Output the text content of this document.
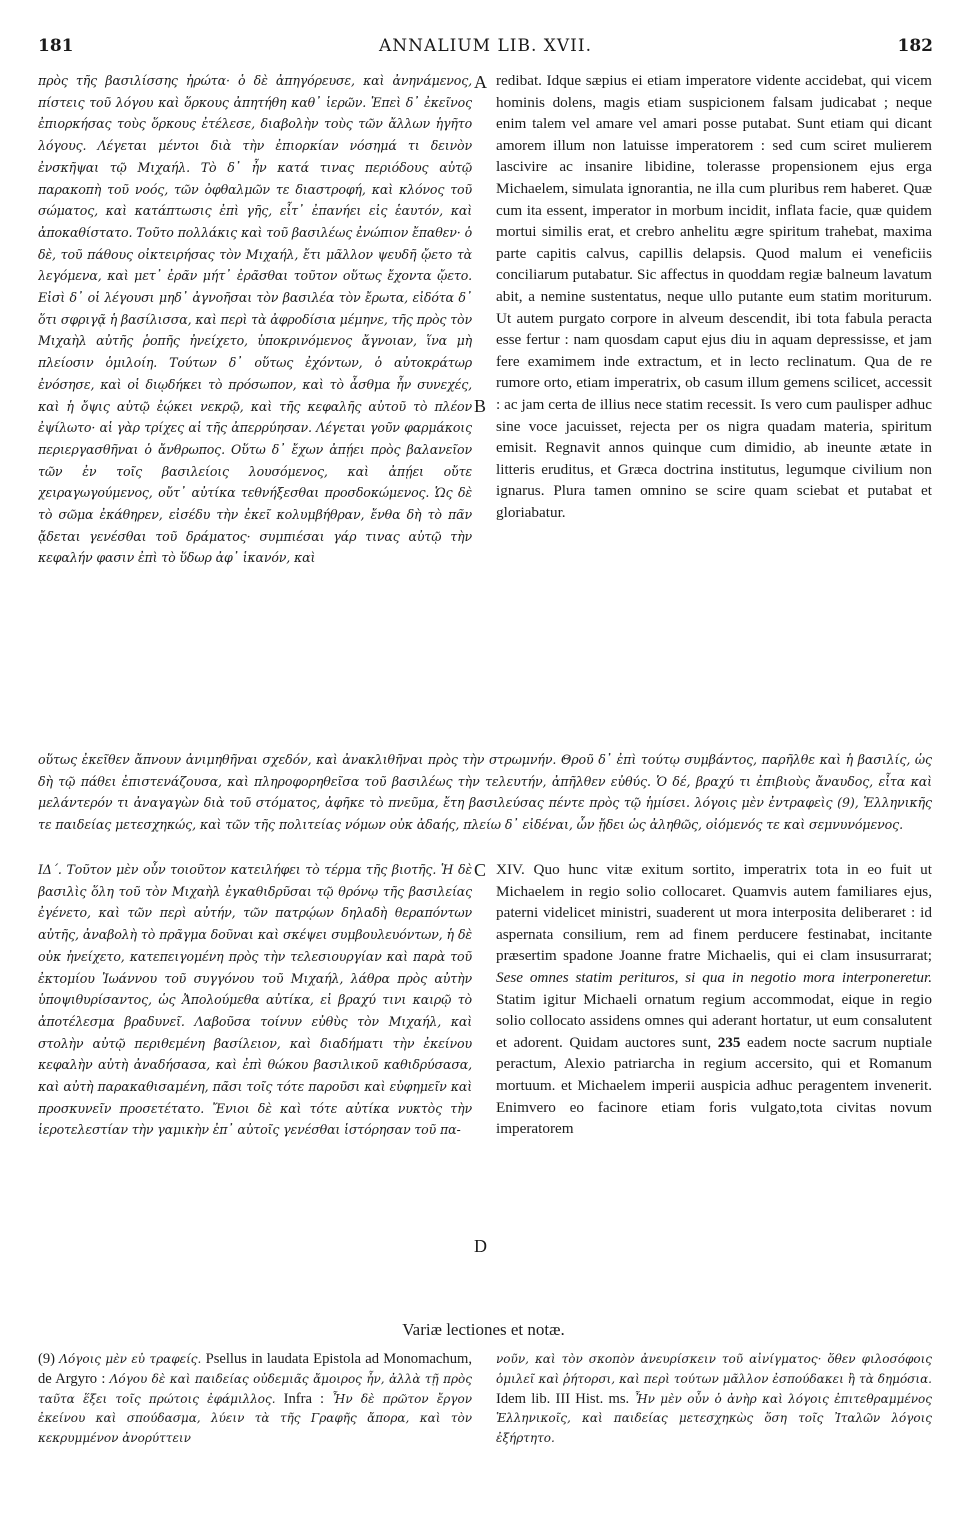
181	ANNALIUM LIB. XVII.	182

πρὸς τῆς βασιλίσσης ἠρώτα· ὁ δὲ ἀπηγόρευσε, καὶ ἀνηνάμενος, πίστεις τοῦ λόγου καὶ ὅρκους ἀπητήθη καθ᾽ ἱερῶν. Ἐπεὶ δ᾽ ἐκεῖνος ἐπιορκήσας τοὺς ὅρκους ἐτέλεσε, διαβολὴν τοὺς τῶν ἄλλων ἡγῆτο λόγους. Λέγεται μέντοι διὰ τὴν ἐπιορκίαν νόσημά τι δεινὸν ἐνσκῆψαι τῷ Μιχαήλ. Τὸ δ᾽ ἦν κατά τινας περιόδους αὐτῷ παρακοπὴ τοῦ νοός, τῶν ὀφθαλμῶν τε διαστροφή, καὶ κλόνος τοῦ σώματος, καὶ κατάπτωσις ἐπὶ γῆς, εἶτ᾽ ἐπανήει εἰς ἑαυτόν, καὶ ἀποκαθίστατο. Τοῦτο πολλάκις καὶ τοῦ βασιλέως ἐνώπιον ἔπαθεν· ὁ δὲ, τοῦ πάθους οἰκτειρήσας τὸν Μιχαήλ, ἔτι μᾶλλον ψευδῆ ᾤετο τὰ λεγόμενα, καὶ μετ᾽ ἐρᾶν μήτ᾽ ἐρᾶσθαι τοῦτον οὕτως ἔχοντα ᾤετο. Εἰσὶ δ᾽ οἱ λέγουσι μηδ᾽ ἀγνοῆσαι τὸν βασιλέα τὸν ἔρωτα, εἰδότα δ᾽ ὅτι σφριγᾷ ἡ βασίλισσα, καὶ περὶ τὰ ἀφροδίσια μέμηνε, τῆς πρὸς τὸν Μιχαὴλ αὐτῆς ῥοπῆς ἠνείχετο, ὑποκρινόμενος ἄγνοιαν, ἵνα μὴ πλείοσιν ὁμιλοίη. Τούτων δ᾽ οὕτως ἐχόντων, ὁ αὐτοκράτωρ ἐνόσησε, καὶ οἱ διῳδήκει τὸ πρόσωπον, καὶ τὸ ἆσθμα ἦν συνεχές, καὶ ἡ ὄψις αὐτῷ ἐῴκει νεκρῷ, καὶ τῆς κεφαλῆς αὐτοῦ τὸ πλέον ἐψίλωτο· αἱ γὰρ τρίχες αἱ τῆς ἀπερρύησαν. Λέγεται γοῦν φαρμάκοις περιεργασθῆναι ὁ ἄνθρωπος. Οὕτω δ᾽ ἔχων ἀπῄει πρὸς βαλανεῖον τῶν ἐν τοῖς βασιλείοις λουσόμενος, καὶ ἀπῄει οὔτε χειραγωγούμενος, οὔτ᾽ αὐτίκα τεθνήξεσθαι προσδοκώμενος. Ὡς δὲ τὸ σῶμα ἐκάθηρεν, εἰσέδυ τὴν ἐκεῖ κολυμβήθραν, ἔνθα δὴ τὸ πᾶν ᾄδεται γενέσθαι τοῦ δράματος· συμπιέσαι γάρ τινας αὐτῷ τὴν κεφαλήν φασιν ἐπὶ τὸ ὕδωρ ἀφ᾽ ἱκανόν, καὶ

A
B

redibat. Idque sæpius ei etiam imperatore vidente accidebat, qui vicem hominis dolens, magis etiam suspicionem falsam judicabat ; neque enim talem vel amare vel amari posse putabat. Sunt etiam qui dicant amorem illum non latuisse imperatorem : sed cum sciret mulierem lascivire ac insanire libidine, tolerasse propensionem ejus erga Michaelem, simulata ignorantia, ne illa cum pluribus rem haberet. Quæ cum ita essent, imperator in morbum incidit, inflata facie, quæ quidem mortui similis erat, et crebro anhelitu ægre spiritum trahebat, maxima parte capitis calvus, capillis delapsis. Quod malum ei veneficiis conciliarum putabatur. Sic affectus in quoddam regiæ balneum lavatum abit, a nemine sustentatus, neque ullo putante eum statim moriturum. Ut autem purgato corpore in alveum descendit, ibi tota fabula peracta esse fertur : nam quosdam caput ejus diu in aquam depressisse, et jam fere examimem inde extractum, et in lecto reclinatum. Qua de re rumore orto, etiam imperatrix, ob casum illum gemens scilicet, accessit : ac jam certa de illius nece statim recessit. Is vero cum paulisper adhuc sine voce jacuisset, rejecta per os nigra quadam materia, spiritum emisit. Regnavit annos quinque cum dimidio, ab ineunte ætate in litteris eruditus, et Græca doctrina institutus, legumque civilium non ignarus. Plura tamen omnino se scire quam sciebat et putabat et gloriabatur.

οὕτως ἐκεῖθεν ἄπνουν ἀνιμηθῆναι σχεδόν, καὶ ἀνακλιθῆναι πρὸς τὴν στρωμνήν. Θροῦ δ᾽ ἐπὶ τούτῳ συμβάντος, παρῆλθε καὶ ἡ βασιλίς, ὡς δὴ τῷ πάθει ἐπιστενάζουσα, καὶ πληροφορηθεῖσα τοῦ βασιλέως τὴν τελευτήν, ἀπῆλθεν εὐθύς. Ὁ δέ, βραχύ τι ἐπιβιοὺς ἄναυδος, εἶτα καὶ μελάντερόν τι ἀναγαγὼν διὰ τοῦ στόματος, ἀφῆκε τὸ πνεῦμα, ἔτη βασιλεύσας πέντε πρὸς τῷ ἡμίσει. λόγοις μὲν ἐντραφεὶς (9), Ἑλληνικῆς τε παιδείας μετεσχηκώς, καὶ τῶν τῆς πολιτείας νόμων οὐκ ἀδαής, πλείω δ᾽ εἰδέναι, ὧν ᾔδει ὡς ἀληθῶς, οἰόμενός τε καὶ σεμνυνόμενος.

ΙΔ΄. Τοῦτον μὲν οὖν τοιοῦτον κατειλήφει τὸ τέρμα τῆς βιοτῆς. Ἡ δὲ βασιλὶς ὅλη τοῦ τὸν Μιχαὴλ ἐγκαθιδρῦσαι τῷ θρόνῳ τῆς βασιλείας ἐγένετο, καὶ τῶν περὶ αὐτήν, τῶν πατρῴων δηλαδὴ θεραπόντων αὐτῆς, ἀναβολὴ τὸ πρᾶγμα δοῦναι καὶ σκέψει συμβουλευόντων, ἡ δὲ οὐκ ἠνείχετο, κατεπειγομένη πρὸς τὴν τελεσιουργίαν καὶ παρὰ τοῦ ἐκτομίου Ἰωάννου τοῦ συγγόνου τοῦ Μιχαήλ, λάθρα πρὸς αὐτὴν ὑποψιθυρίσαντος, ὡς Ἀπολούμεθα αὐτίκα, εἰ βραχύ τινι καιρῷ τὸ ἀποτέλεσμα βραδυνεῖ. Λαβοῦσα τοίνυν εὐθὺς τὸν Μιχαήλ, καὶ στολὴν αὐτῷ περιθεμένη βασίλειον, καὶ διαδήματι τὴν ἐκείνου κεφαλὴν αὐτὴ ἀναδήσασα, καὶ ἐπὶ θώκου βασιλικοῦ καθιδρύσασα, καὶ αὐτὴ παρακαθισαμένη, πᾶσι τοῖς τότε παροῦσι καὶ εὐφημεῖν καὶ προσκυνεῖν προσετέτατο. Ἔνιοι δὲ καὶ τότε αὐτίκα νυκτὸς τὴν ἱεροτελεστίαν τὴν γαμικὴν ἐπ᾽ αὐτοῖς γενέσθαι ἱστόρησαν τοῦ πα-

C
D

XIV. Quo hunc vitæ exitum sortito, imperatrix tota in eo fuit ut Michaelem in regio solio collocaret. Quamvis autem familiares ejus, paterni videlicet ministri, suaderent ut mora interposita deliberaret : id aspernata consilium, rem ad finem perducere festinabat, incitante præsertim spadone Joanne fratre Michaelis, qui ei clam insusurrarat; Sese omnes statim perituros, si qua in negotio mora interponeretur. Statim igitur Michaeli ornatum regium accommodat, eique in regio solio collocato assidens omnes qui aderant hortatur, ut eum consalutent et adorent. Quidam auctores sunt, 235 eadem nocte sacrum nuptiale peractum, Alexio patriarcha in regium accersito, qui et Romanum mortuum. et Michaelem imperii auspicia adhuc peragentem invenerit. Enimvero eo facinore etiam foris vulgato,tota civitas novum imperatorem

Variæ lectiones et notæ.
(9) Λόγοις μὲν εὐ τραφείς. Psellus in laudata Epistola ad Monomachum, de Argyro : Λόγου δὲ καὶ παιδείας οὐδεμιᾶς ἄμοιρος ἦν, ἀλλὰ τῇ πρὸς ταῦτα ἕξει τοῖς πρώτοις ἐφάμιλλος. Infra : Ἦν δὲ πρῶτον ἔργον ἐκείνου καὶ σπούδασμα, λύειν τὰ τῆς Γραφῆς ἄπορα, καὶ τὸν κεκρυμμένον ἀνορύττειν
νοῦν, καὶ τὸν σκοπὸν ἀνευρίσκειν τοῦ αἰνίγματος· ὅθεν φιλοσόφοις ὁμιλεῖ καὶ ῥήτορσι, καὶ περὶ τούτων μᾶλλον ἐσπούδακει ἢ τὰ δημόσια. Idem lib. III Hist. ms. Ἦν μὲν οὖν ὁ ἀνὴρ καὶ λόγοις ἐπιτεθραμμένος Ἑλληνικοῖς, καὶ παιδείας μετεσχηκὼς ὅση τοῖς Ἰταλῶν λόγοις ἐξήρτητο.
